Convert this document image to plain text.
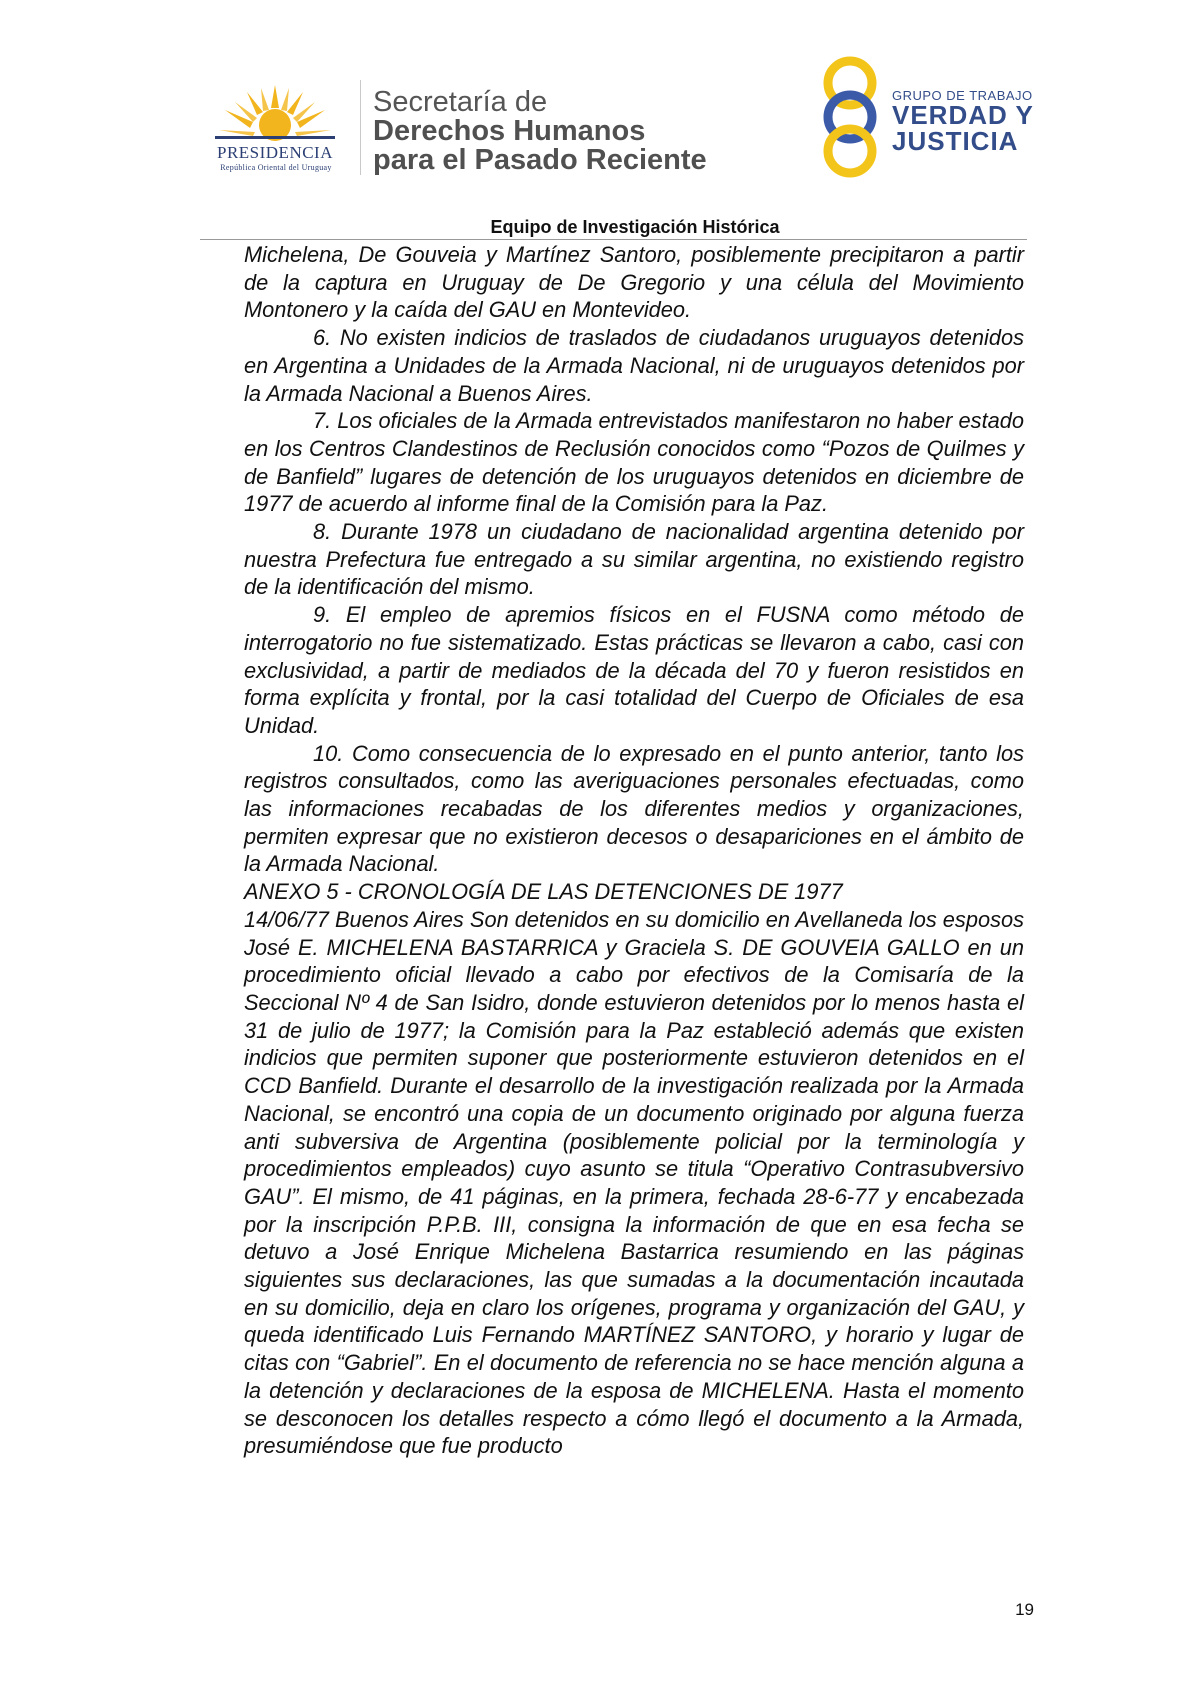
PRESIDENCIA
República Oriental del Uruguay
Secretaría de
Derechos Humanos
para el Pasado Reciente
GRUPO DE TRABAJO
VERDAD Y
JUSTICIA
Equipo de Investigación Histórica

Michelena, De Gouveia y Martínez Santoro, posiblemente precipitaron a partir de la captura en Uruguay de De Gregorio y una célula del Movimiento Montonero y la caída del GAU en Montevideo.

6. No existen indicios de traslados de ciudadanos uruguayos detenidos en Argentina a Unidades de la Armada Nacional, ni de uruguayos detenidos por la Armada Nacional a Buenos Aires.

7. Los oficiales de la Armada entrevistados manifestaron no haber estado en los Centros Clandestinos de Reclusión conocidos como “Pozos de Quilmes y de Banfield” lugares de detención de los uruguayos detenidos en diciembre de 1977 de acuerdo al informe final de la Comisión para la Paz.

8. Durante 1978 un ciudadano de nacionalidad argentina detenido por nuestra Prefectura fue entregado a su similar argentina, no existiendo registro de la identificación del mismo.

9. El empleo de apremios físicos en el FUSNA como método de interrogatorio no fue sistematizado. Estas prácticas se llevaron a cabo, casi con exclusividad, a partir de mediados de la década del 70 y fueron resistidos en forma explícita y frontal, por la casi totalidad del Cuerpo de Oficiales de esa Unidad.

10. Como consecuencia de lo expresado en el punto anterior, tanto los registros consultados, como las averiguaciones personales efectuadas, como las informaciones recabadas de los diferentes medios y organizaciones, permiten expresar que no existieron decesos o desapariciones en el ámbito de la Armada Nacional.

ANEXO 5 - CRONOLOGÍA DE LAS DETENCIONES DE 1977

14/06/77 Buenos Aires Son detenidos en su domicilio en Avellaneda los esposos José E. MICHELENA BASTARRICA y Graciela S. DE GOUVEIA GALLO en un procedimiento oficial llevado a cabo por efectivos de la Comisaría de la Seccional Nº 4 de San Isidro, donde estuvieron detenidos por lo menos hasta el 31 de julio de 1977; la Comisión para la Paz estableció además que existen indicios que permiten suponer que posteriormente estuvieron detenidos en el CCD Banfield. Durante el desarrollo de la investigación realizada por la Armada Nacional, se encontró una copia de un documento originado por alguna fuerza anti subversiva de Argentina (posiblemente policial por la terminología y procedimientos empleados) cuyo asunto se titula “Operativo Contrasubversivo GAU”. El mismo, de 41 páginas, en la primera, fechada 28-6-77 y encabezada por la inscripción P.P.B. III, consigna la información de que en esa fecha se detuvo a José Enrique Michelena Bastarrica resumiendo en las páginas siguientes sus declaraciones, las que sumadas a la documentación incautada en su domicilio, deja en claro los orígenes, programa y organización del GAU, y queda identificado Luis Fernando MARTÍNEZ SANTORO, y horario y lugar de citas con “Gabriel”. En el documento de referencia no se hace mención alguna a la detención y declaraciones de la esposa de MICHELENA. Hasta el momento se desconocen los detalles respecto a cómo llegó el documento a la Armada, presumiéndose que fue producto

19
